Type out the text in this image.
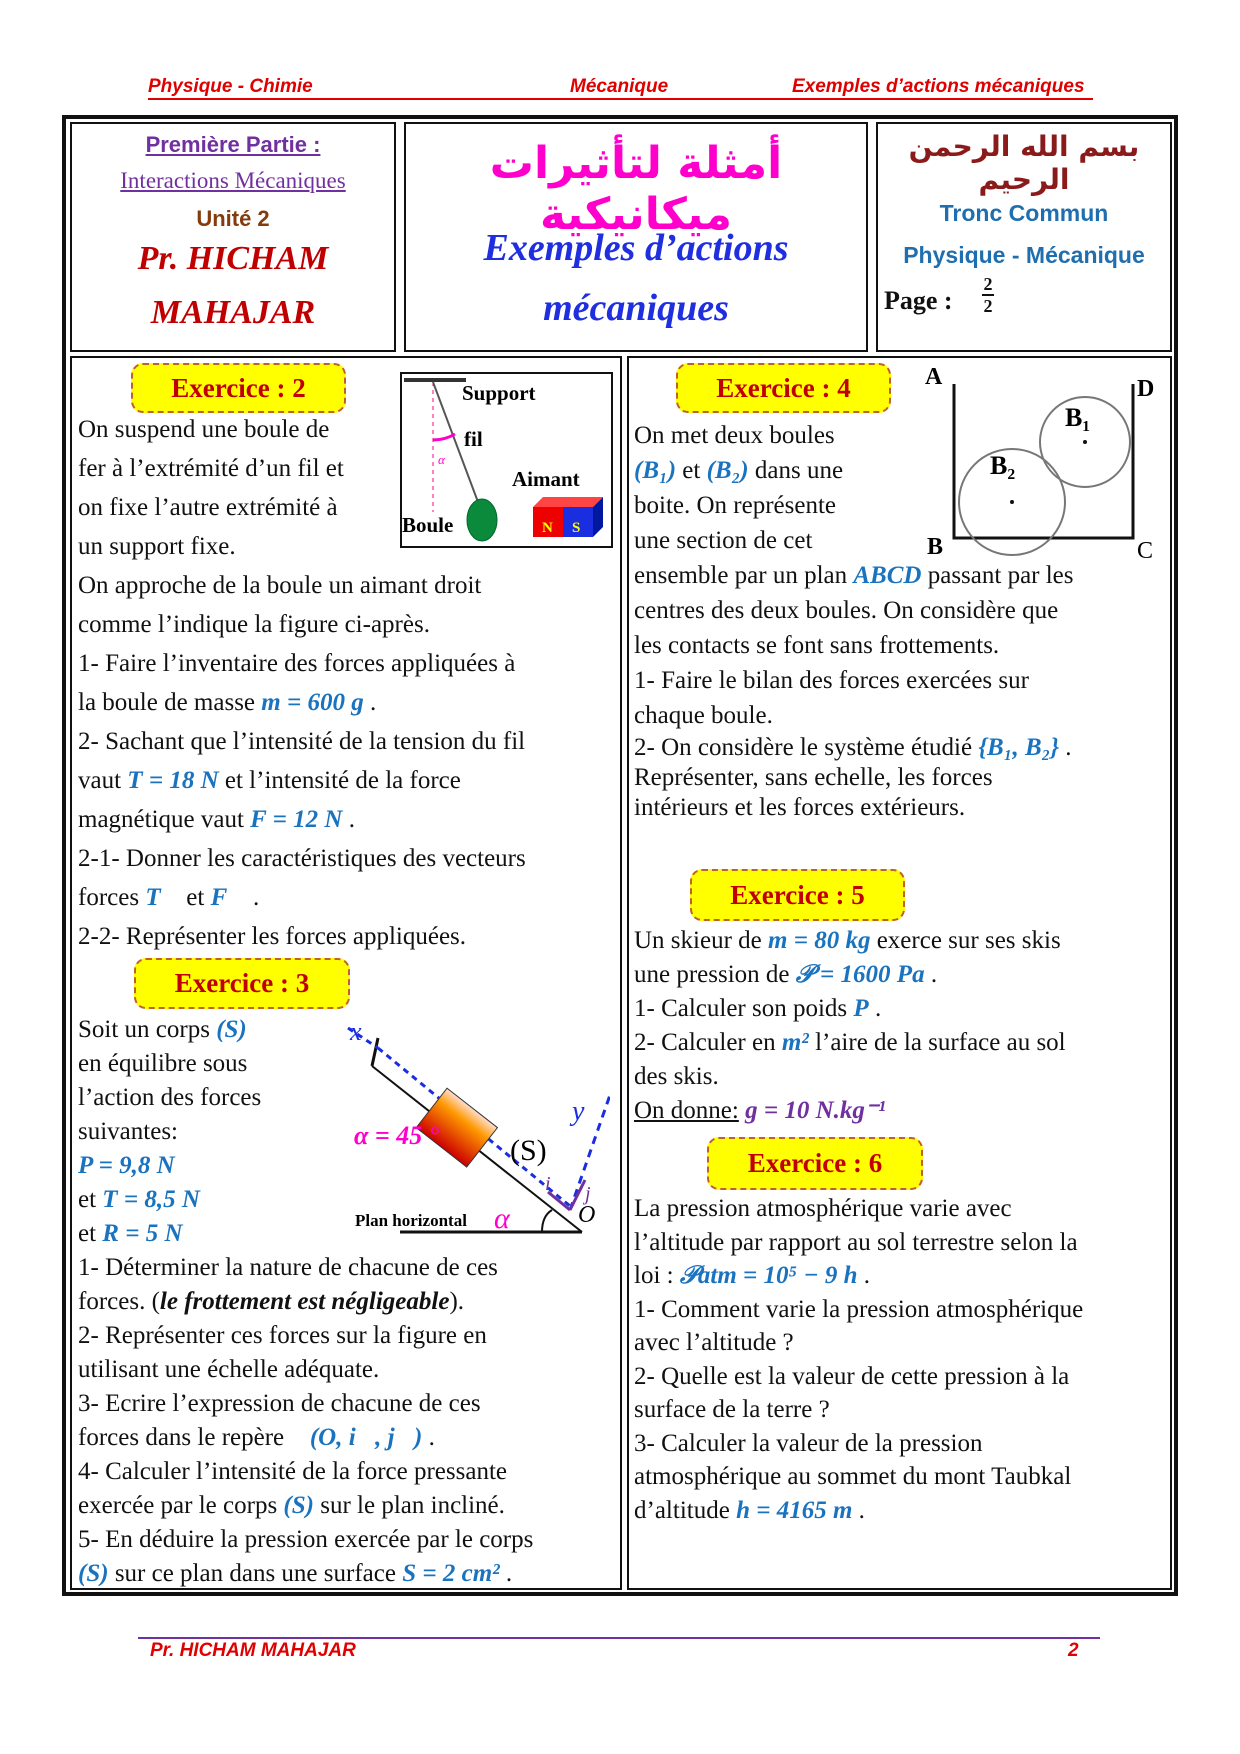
Physique - Chimie	Mécanique	Exemples d’actions mécaniques
Première Partie :
Interactions Mécaniques
Unité 2
Pr. HICHAM
MAHAJAR
أمثلة لتأثيرات ميكانيكية
Exemples d’actions
mécaniques
بسم الله الرحمن الرحيم
Tronc Commun
Physique - Mécanique
Page :
2
2
Exercice : 2
On suspend une boule de
fer à l’extrémité d’un fil et
on fixe l’autre extrémité à
un support fixe.
On approche de la boule un aimant droit
comme l’indique la figure ci-après.
1- Faire l’inventaire des forces appliquées à
la boule de masse m = 600 g .
2- Sachant que l’intensité de la tension du fil
vaut T = 18 N et l’intensité de la force
magnétique vaut F = 12 N .
2-1- Donner les caractéristiques des vecteurs
forces T⃗ et F⃗ .
2-2- Représenter les forces appliquées.
Support
fil
α
Aimant
Boule	N S
Exercice : 3
Soit un corps (S)
en équilibre sous
l’action des forces
suivantes:
P = 9,8 N
et T = 8,5 N
et R = 5 N
1- Déterminer la nature de chacune de ces
forces. (le frottement est négligeable).
2- Représenter ces forces sur la figure en
utilisant une échelle adéquate.
3- Ecrire l’expression de chacune de ces
forces dans le repère ℛ(O, i⃗, j⃗) .
4- Calculer l’intensité de la force pressante
exercée par le corps (S) sur le plan incliné.
5- En déduire la pression exercée par le corps
(S) sur ce plan dans une surface S = 2 cm² .
x
y
(S)
i⃗ j⃗
O
α = 45 °
Plan horizontal α
Exercice : 4
On met deux boules
(B₁) et (B₂) dans une
boite. On représente
une section de cet
ensemble par un plan ABCD passant par les
centres des deux boules. On considère que
les contacts se font sans frottements.
1- Faire le bilan des forces exercées sur
chaque boule.
2- On considère le système étudié {B₁, B₂} .
Représenter, sans echelle, les forces
intérieurs et les forces extérieurs.
A
B	C
D
B₁
B₂
Exercice : 5
Un skieur de m = 80 kg exerce sur ses skis
une pression de 𝒫 = 1600 Pa .
1- Calculer son poids P .
2- Calculer en m² l’aire de la surface au sol
des skis.
On donne: g = 10 N.kg⁻¹
Exercice : 6
La pression atmosphérique varie avec
l’altitude par rapport au sol terrestre selon la
loi : 𝒫atm = 10⁵ − 9 h .
1- Comment varie la pression atmosphérique
avec l’altitude ?
2- Quelle est la valeur de cette pression à la
surface de la terre ?
3- Calculer la valeur de la pression
atmosphérique au sommet du mont Taubkal
d’altitude h = 4165 m .
Pr. HICHAM MAHAJAR	2
